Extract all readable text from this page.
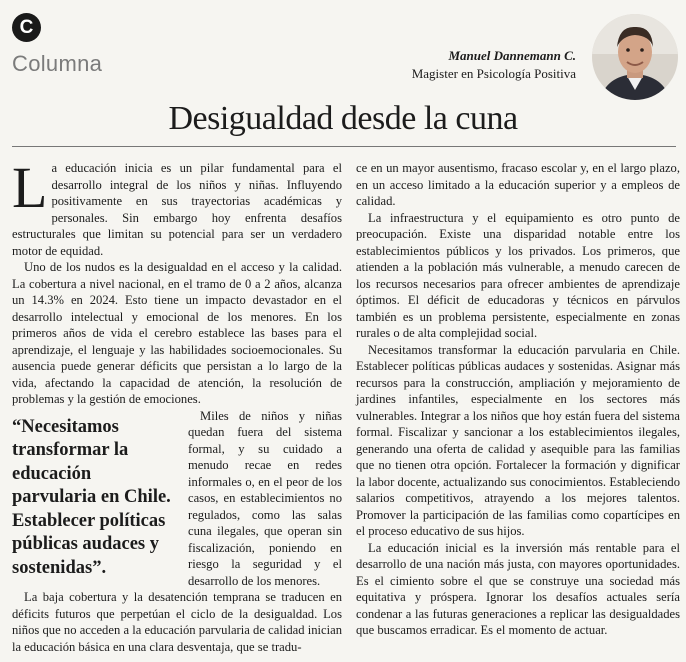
C
Columna	Manuel Dannemann C.
Magister en Psicología Positiva
Desigualdad desde la cuna

La educación inicia es un pilar fundamental para el desarrollo integral de los niños y niñas. Influyendo positivamente en sus trayectorias académicas y personales. Sin embargo hoy enfrenta desafíos estructurales que limitan su potencial para ser un verdadero motor de equidad.

Uno de los nudos es la desigualdad en el acceso y la calidad. La cobertura a nivel nacional, en el tramo de 0 a 2 años, alcanza un 14.3% en 2024. Esto tiene un impacto devastador en el desarrollo intelectual y emocional de los menores. En los primeros años de vida el cerebro establece las bases para el aprendizaje, el lenguaje y las habilidades socioemocionales. Su ausencia puede generar déficits que persistan a lo largo de la vida, afectando la capacidad de atención, la resolución de problemas y la gestión de emociones.

“Necesitamos transformar la educación parvularia en Chile. Establecer políticas públicas audaces y sostenidas”.
Miles de niños y niñas quedan fuera del sistema formal, y su cuidado a menudo recae en redes informales o, en el peor de los casos, en establecimientos no regulados, como las salas cuna ilegales, que operan sin fiscalización, poniendo en riesgo la seguridad y el desarrollo de los menores.

La baja cobertura y la desatención temprana se traducen en déficits futuros que perpetúan el ciclo de la desigualdad. Los niños que no acceden a la educación parvularia de calidad inician la educación básica en una clara desventaja, que se tradu-

ce en un mayor ausentismo, fracaso escolar y, en el largo plazo, en un acceso limitado a la educación superior y a empleos de calidad.

La infraestructura y el equipamiento es otro punto de preocupación. Existe una disparidad notable entre los establecimientos públicos y los privados. Los primeros, que atienden a la población más vulnerable, a menudo carecen de los recursos necesarios para ofrecer ambientes de aprendizaje óptimos. El déficit de educadoras y técnicos en párvulos también es un problema persistente, especialmente en zonas rurales o de alta complejidad social.

Necesitamos transformar la educación parvularia en Chile. Establecer políticas públicas audaces y sostenidas. Asignar más recursos para la construcción, ampliación y mejoramiento de jardines infantiles, especialmente en los sectores más vulnerables. Integrar a los niños que hoy están fuera del sistema formal. Fiscalizar y sancionar a los establecimientos ilegales, generando una oferta de calidad y asequible para las familias que no tienen otra opción. Fortalecer la formación y dignificar la labor docente, actualizando sus conocimientos. Estableciendo salarios competitivos, atrayendo a los mejores talentos. Promover la participación de las familias como copartícipes en el proceso educativo de sus hijos.

La educación inicial es la inversión más rentable para el desarrollo de una nación más justa, con mayores oportunidades. Es el cimiento sobre el que se construye una sociedad más equitativa y próspera. Ignorar los desafíos actuales sería condenar a las futuras generaciones a replicar las desigualdades que buscamos erradicar. Es el momento de actuar.
